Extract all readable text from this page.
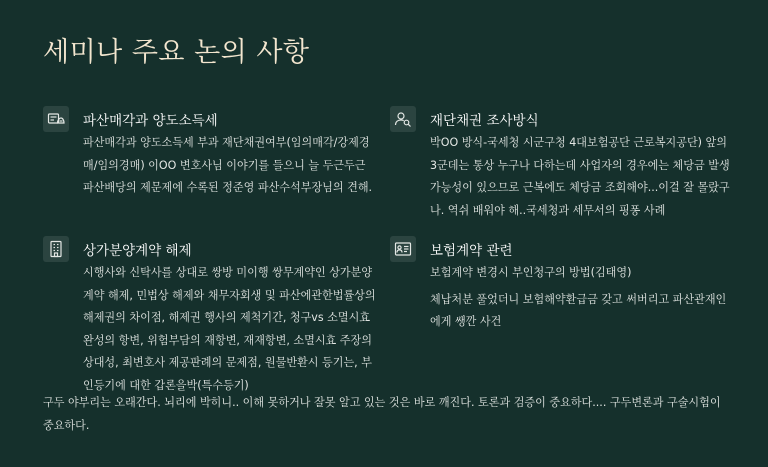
세미나 주요 논의 사항
파산매각과 양도소득세

파산매각과 양도소득세 부과 재단채권여부(임의매각/강제경매/임의경매) 이OO 변호사님 이야기를 들으니 늘 두근두근 파산배당의 제문제에 수록된 정준영 파산수석부장님의 견해.

재단채권 조사방식

박OO 방식-국세청 시군구청 4대보험공단 근로복지공단) 앞의 3군데는 통상 누구나 다하는데 사업자의 경우에는 체당금 발생가능성이 있으므로 근복에도 체당금 조회해야...이걸 잘 몰랐구나. 역쉬 배워야 해..국세청과 세무서의 핑퐁 사례

상가분양계약 해제

시행사와 신탁사를 상대로 쌍방 미이행 쌍무계약인 상가분양계약 해제, 민법상 해제와 채무자회생 및 파산에관한법률상의 해제권의 차이점, 해제권 행사의 제척기간, 청구vs 소멸시효 완성의 항변, 위험부담의 재항변, 재재항변, 소멸시효 주장의 상대성, 최변호사 제공판례의 문제점, 원물반환시 등기는, 부인등기에 대한 갑론을박(특수등기)

보험계약 관련

보험계약 변경시 부인청구의 방법(김태영)

체납처분 풀었더니 보험해약환급금 갖고 써버리고 파산관재인에게 쌩깐 사건

구두 야부리는 오래간다. 뇌리에 박히니.. 이해 못하거나 잘못 알고 있는 것은 바로 깨진다. 토론과 검증이 중요하다.... 구두변론과 구술시험이 중요하다.
